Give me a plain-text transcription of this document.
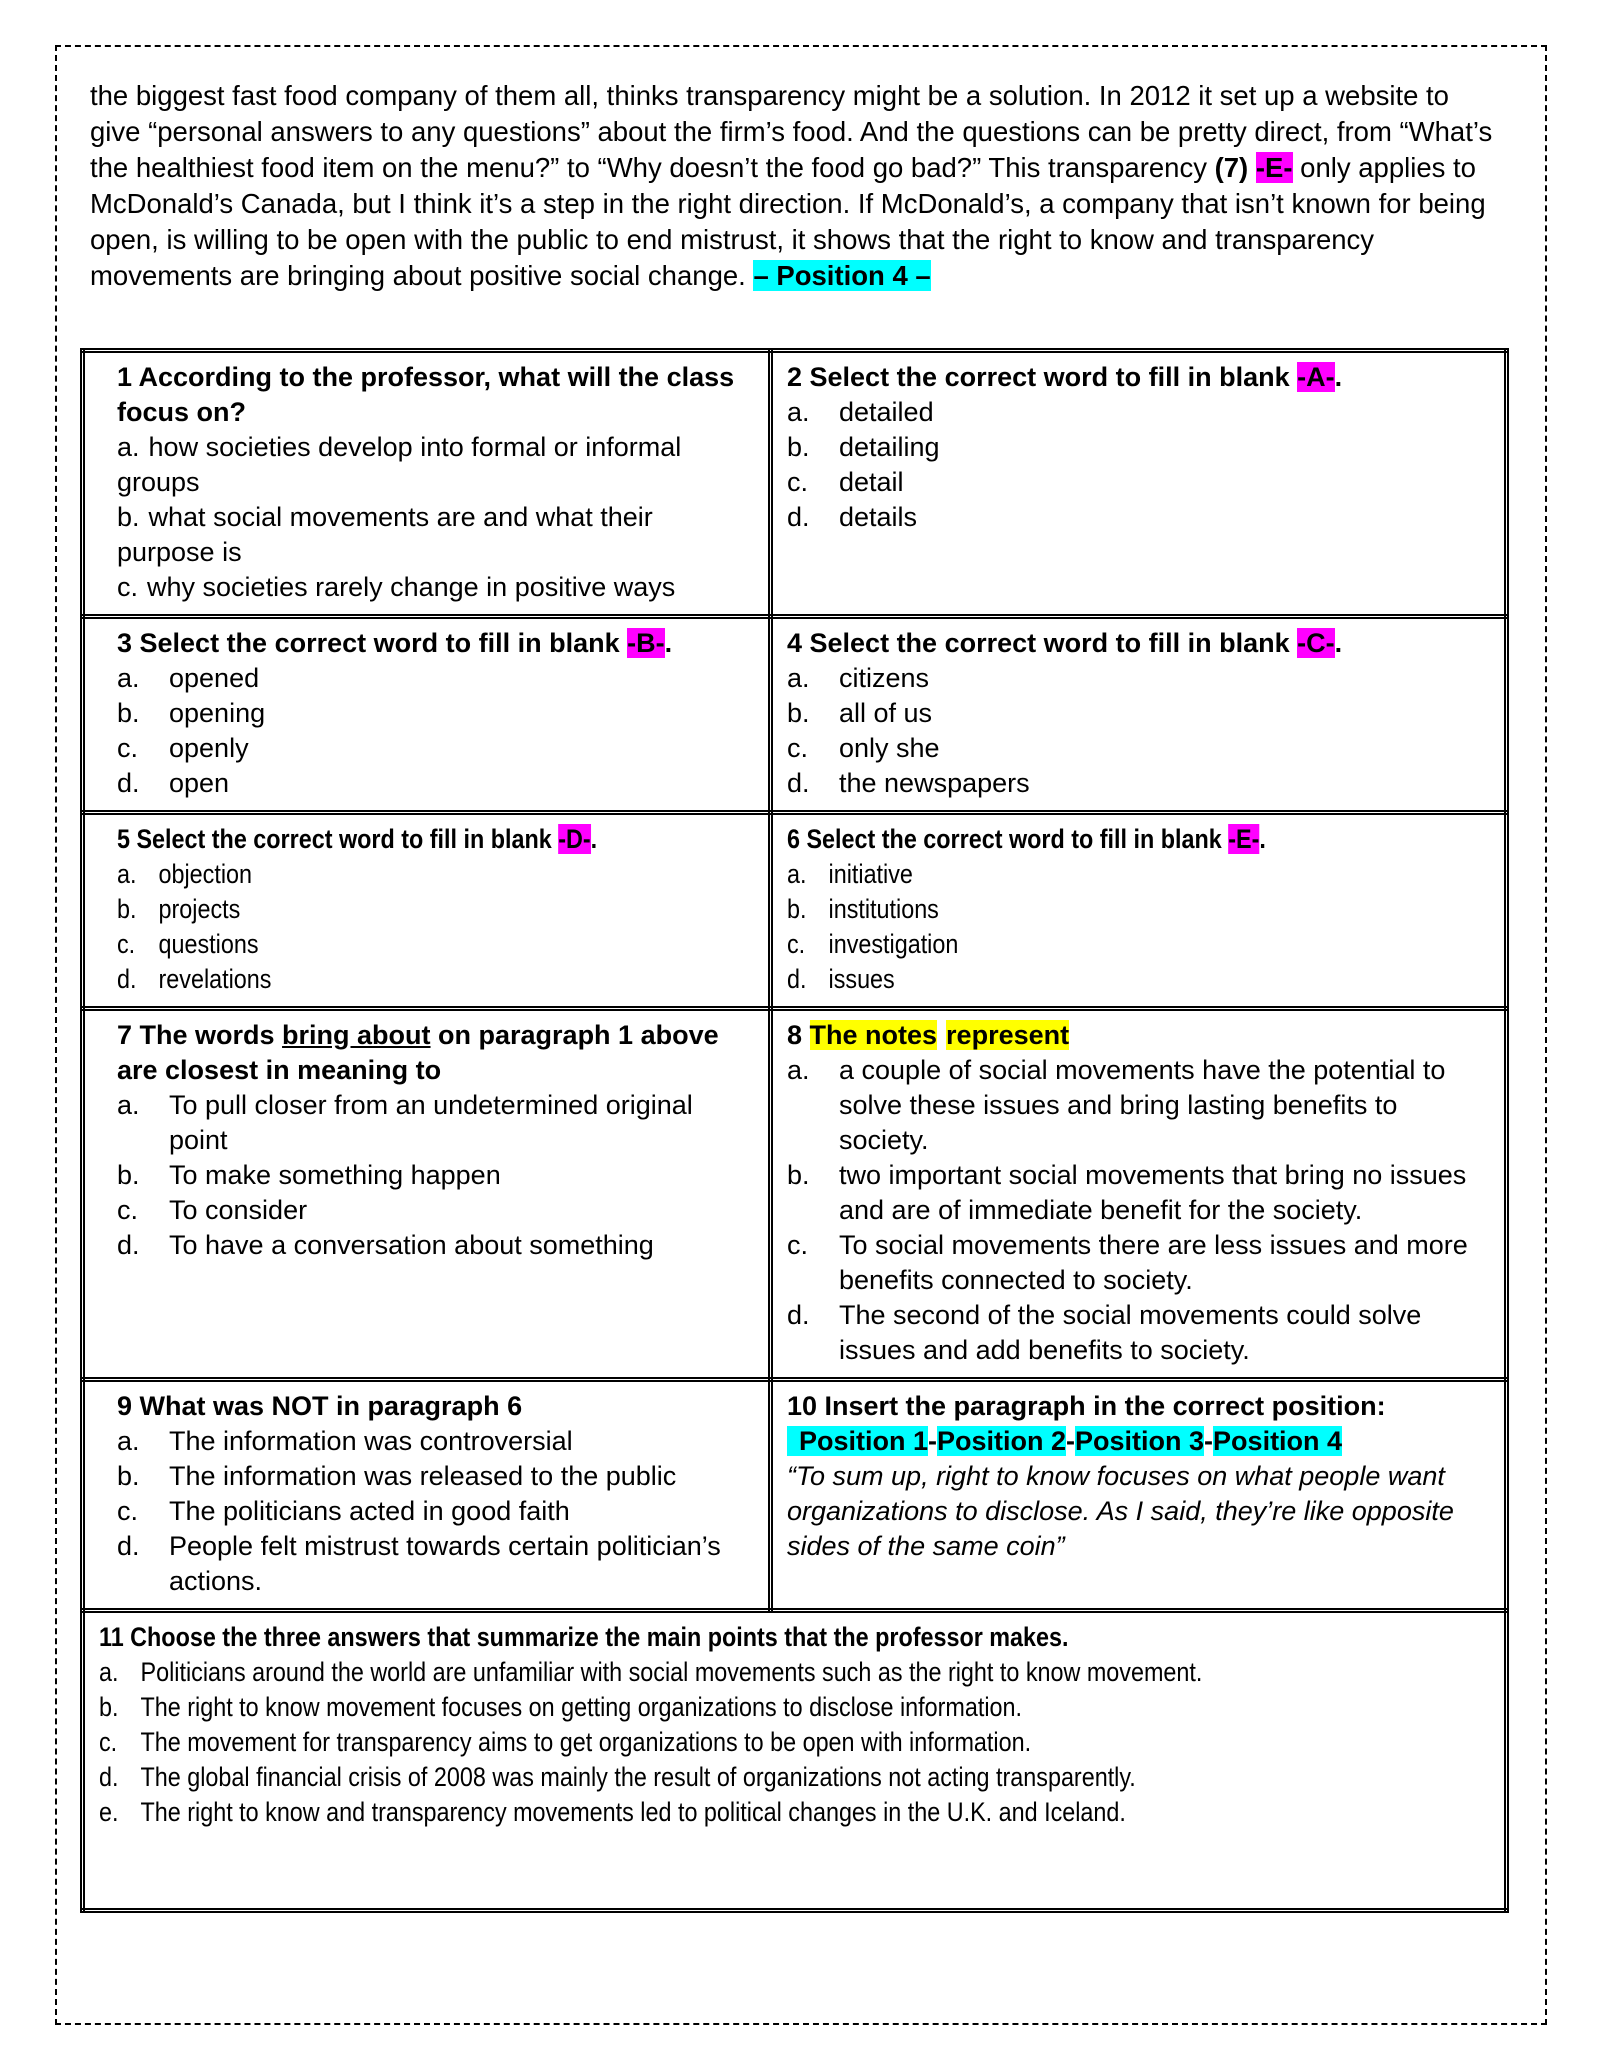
the biggest fast food company of them all, thinks transparency might be a solution. In 2012 it set up a website to give “personal answers to any questions” about the firm’s food. And the questions can be pretty direct, from “What’s the healthiest food item on the menu?” to “Why doesn’t the food go bad?” This transparency (7) -E- only applies to McDonald’s Canada, but I think it’s a step in the right direction. If McDonald’s, a company that isn’t known for being open, is willing to be open with the public to end mistrust, it shows that the right to know and transparency movements are bringing about positive social change. – Position 4 –

1 According to the professor, what will the class focus on?
a. how societies develop into formal or informal groups
b. what social movements are and what their purpose is
c. why societies rarely change in positive ways

2 Select the correct word to fill in blank -A-.
a.	detailed
b.	detailing
c.	detail
d.	details

3 Select the correct word to fill in blank -B-.
a.	opened
b.	opening
c.	openly
d.	open

4 Select the correct word to fill in blank -C-.
a.	citizens
b.	all of us
c.	only she
d.	the newspapers

5 Select the correct word to fill in blank -D-.
a. objection
b. projects
c. questions
d. revelations

6 Select the correct word to fill in blank -E-.
a. initiative
b. institutions
c. investigation
d. issues

7 The words bring about on paragraph 1 above are closest in meaning to
a.	To pull closer from an undetermined original point
b.	To make something happen
c.	To consider
d.	To have a conversation about something

8 The notes represent
a.	a couple of social movements have the potential to solve these issues and bring lasting benefits to society.
b.	two important social movements that bring no issues and are of immediate benefit for the society.
c.	To social movements there are less issues and more benefits connected to society.
d.	The second of the social movements could solve issues and add benefits to society.

9 What was NOT in paragraph 6
a.	The information was controversial
b.	The information was released to the public
c.	The politicians acted in good faith
d.	People felt mistrust towards certain politician’s actions.

10 Insert the paragraph in the correct position:
Position 1-Position 2-Position 3-Position 4
“To sum up, right to know focuses on what people want organizations to disclose. As I said, they’re like opposite sides of the same coin”

11 Choose the three answers that summarize the main points that the professor makes.
a. Politicians around the world are unfamiliar with social movements such as the right to know movement.
b. The right to know movement focuses on getting organizations to disclose information.
c. The movement for transparency aims to get organizations to be open with information.
d. The global financial crisis of 2008 was mainly the result of organizations not acting transparently.
e. The right to know and transparency movements led to political changes in the U.K. and Iceland.
